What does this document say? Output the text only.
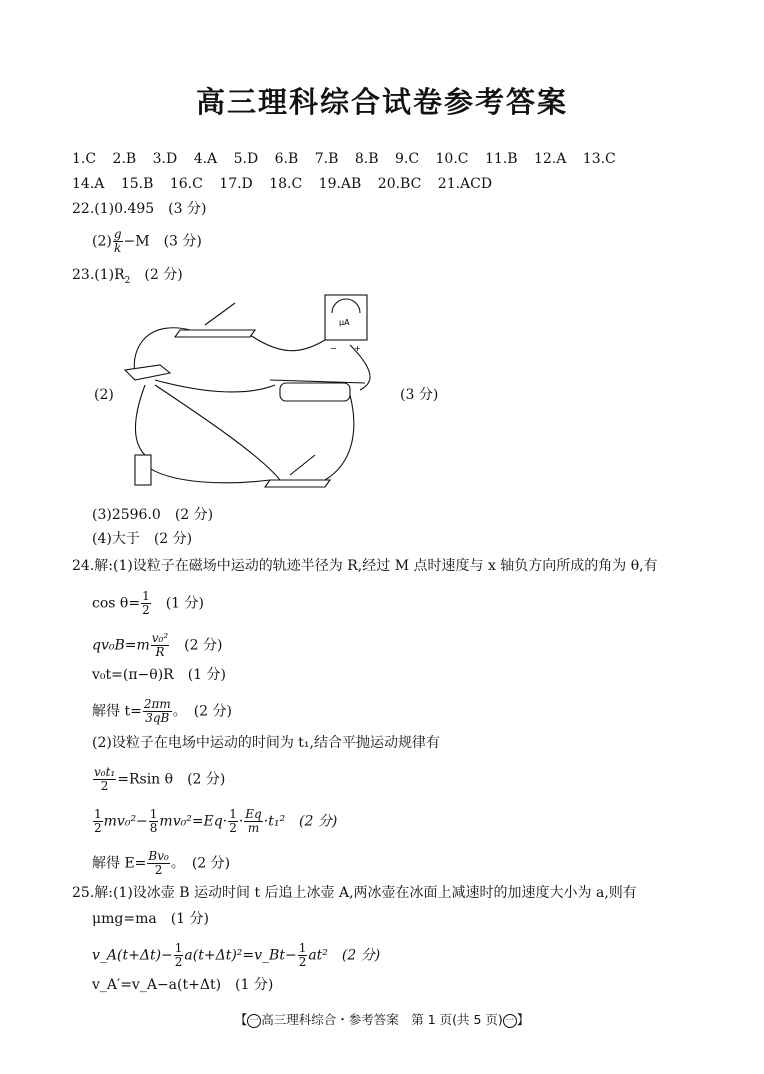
高三理科综合试卷参考答案
1.C 2.B 3.D 4.A 5.D 6.B 7.B 8.B 9.C 10.C 11.B 12.A 13.C
14.A 15.B 16.C 17.D 18.C 19.AB 20.BC 21.ACD
22.(1)0.495　(3 分)
$(2) \frac{g}{k} -M$　(3 分)
$23.(1)R_2$　(2 分)
(2)	(3 分)
μA
− +
(3)2596.0　(2 分)
(4)大于　(2 分)
24.解:(1)设粒子在磁场中运动的轨迹半径为 R,经过 M 点时速度与 x 轴负方向所成的角为 θ,有
$\cos \theta= \frac{1}{2}$ 　(1 分)
$qv_0B=m \frac{\text{v₀²}}{R}$ 　(2 分)
v₀t=(π−θ)R　(1 分)
解得 $t= \frac{2\pi m}{3qB}$ 。　(2 分)
(2)设粒子在电场中运动的时间为 t₁,结合平抛运动规律有
$\frac{\text{v₀t₁}}{2} =Rsin$ θ　(2 分)
$\frac{1}{2} mv_0^2- \frac{1}{8} mv_0^2=Eq\cdot \frac{1}{2} \cdot \frac{Eq}{m} \cdot t_1^2$　(2 分)
解得 $E= \frac{\text{Bv₀}}{2}$ 。　(2 分)
25.解:(1)设冰壶 B 运动时间 t 后追上冰壶 A,两冰壶在冰面上减速时的加速度大小为 a,则有
μmg=ma　(1 分)
v_A(t+Δt)− $\frac{1}{2}$ a(t+Δt)²=v_Bt− $\frac{1}{2} at^2$　(2 分)
v_A′=v_A−a(t+Δt)　(1 分)
【 一 高三理科综合・参考答案　第 1 页(共 5 页) 一 】
